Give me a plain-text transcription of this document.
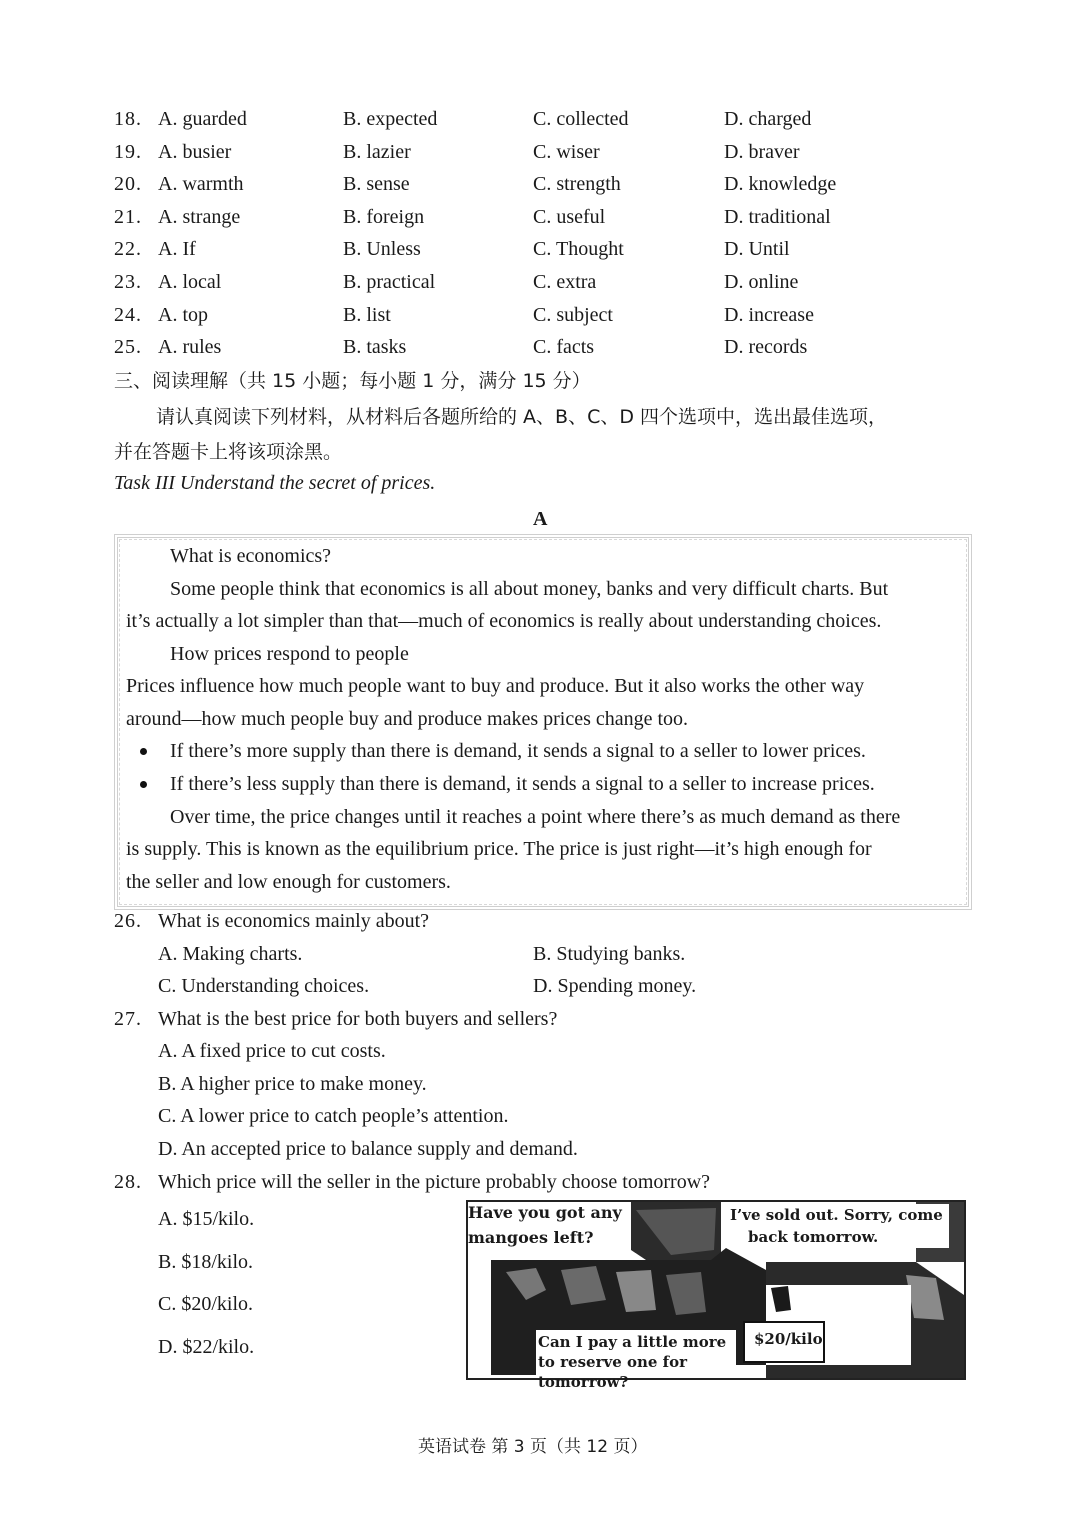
18. A. guarded	B. expected	C. collected	D. charged
19. A. busier	B. lazier	C. wiser	D. braver
20. A. warmth	B. sense	C. strength	D. knowledge
21. A. strange	B. foreign	C. useful	D. traditional
22. A. If	B. Unless	C. Thought	D. Until
23. A. local	B. practical	C. extra	D. online
24. A. top	B. list	C. subject	D. increase
25. A. rules	B. tasks	C. facts	D. records
三、阅读理解（共 15 小题；每小题 1 分，满分 15 分）
请认真阅读下列材料，从材料后各题所给的 A、B、C、D 四个选项中，选出最佳选项，
并在答题卡上将该项涂黑。
Task III Understand the secret of prices.
A
What is economics?
Some people think that economics is all about money, banks and very difficult charts. But
it’s actually a lot simpler than that—much of economics is really about understanding choices.
How prices respond to people
Prices influence how much people want to buy and produce. But it also works the other way
around—how much people buy and produce makes prices change too.
If there’s more supply than there is demand, it sends a signal to a seller to lower prices.
If there’s less supply than there is demand, it sends a signal to a seller to increase prices.
Over time, the price changes until it reaches a point where there’s as much demand as there
is supply. This is known as the equilibrium price. The price is just right—it’s high enough for
the seller and low enough for customers.
26. What is economics mainly about?
A. Making charts.	B. Studying banks.
C. Understanding choices.	D. Spending money.
27. What is the best price for both buyers and sellers?
A. A fixed price to cut costs.
B. A higher price to make money.
C. A lower price to catch people’s attention.
D. An accepted price to balance supply and demand.
28. Which price will the seller in the picture probably choose tomorrow?
A. $15/kilo.
B. $18/kilo.
C. $20/kilo.
D. $22/kilo.
Have you got any
mangoes left?
I’ve sold out. Sorry, come
back tomorrow.
Can I pay a little more
to reserve one for
tomorrow?
$20/kilo
英语试卷 第 3 页（共 12 页）
